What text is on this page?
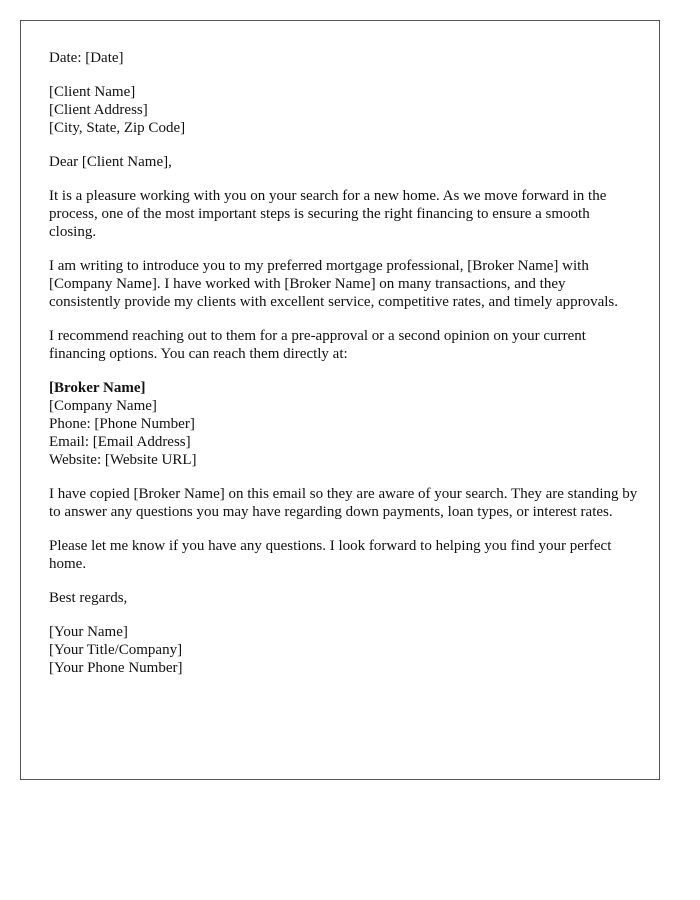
Date: [Date]
[Client Name]
[Client Address]
[City, State, Zip Code]
Dear [Client Name],
It is a pleasure working with you on your search for a new home. As we move forward in the process, one of the most important steps is securing the right financing to ensure a smooth closing.
I am writing to introduce you to my preferred mortgage professional, [Broker Name] with [Company Name]. I have worked with [Broker Name] on many transactions, and they consistently provide my clients with excellent service, competitive rates, and timely approvals.
I recommend reaching out to them for a pre-approval or a second opinion on your current financing options. You can reach them directly at:
[Broker Name]
[Company Name]
Phone: [Phone Number]
Email: [Email Address]
Website: [Website URL]
I have copied [Broker Name] on this email so they are aware of your search. They are standing by to answer any questions you may have regarding down payments, loan types, or interest rates.
Please let me know if you have any questions. I look forward to helping you find your perfect home.
Best regards,
[Your Name]
[Your Title/Company]
[Your Phone Number]
